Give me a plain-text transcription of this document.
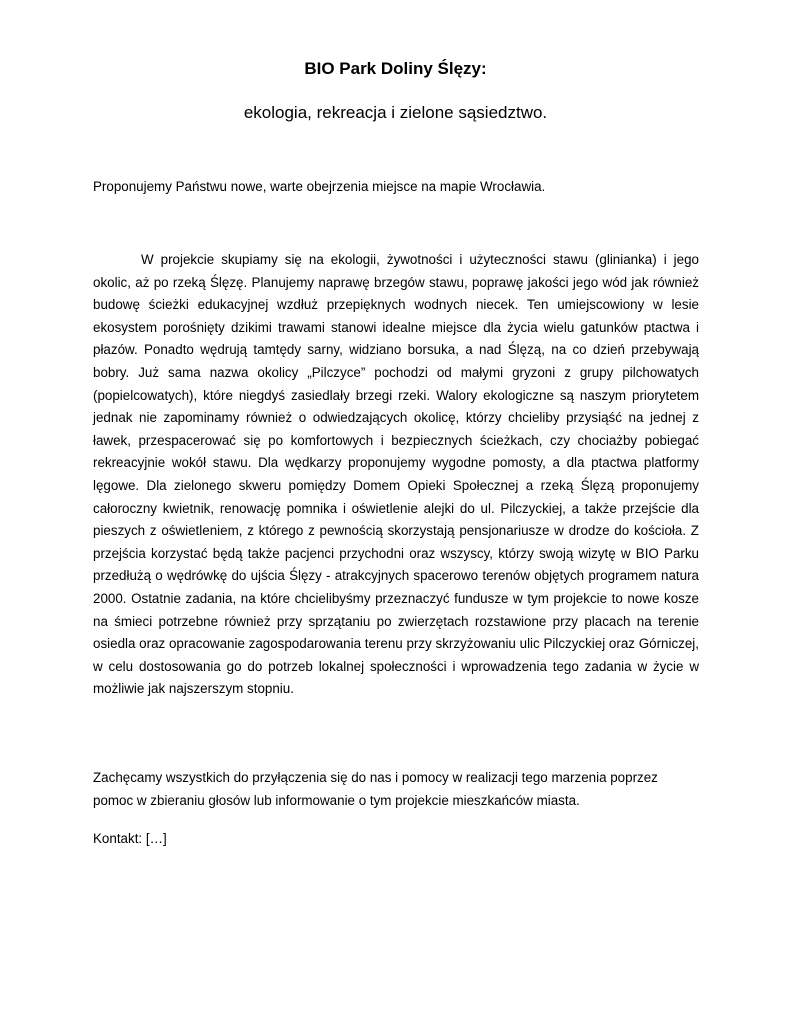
BIO Park Doliny Ślęzy:
ekologia, rekreacja i zielone sąsiedztwo.
Proponujemy Państwu nowe, warte obejrzenia miejsce na mapie Wrocławia.

W projekcie skupiamy się na ekologii, żywotności i użyteczności stawu (glinianka) i jego okolic, aż po rzeką Ślęzę. Planujemy naprawę brzegów stawu, poprawę jakości jego wód jak również budowę ścieżki edukacyjnej wzdłuż przepięknych wodnych niecek. Ten umiejscowiony w lesie ekosystem porośnięty dzikimi trawami stanowi idealne miejsce dla życia wielu gatunków ptactwa i płazów. Ponadto wędrują tamtędy sarny, widziano borsuka, a nad Ślęzą, na co dzień przebywają bobry. Już sama nazwa okolicy „Pilczyce” pochodzi od małymi gryzoni z grupy pilchowatych (popielcowatych), które niegdyś zasiedlały brzegi rzeki. Walory ekologiczne są naszym priorytetem jednak nie zapominamy również o odwiedzających okolicę, którzy chcieliby przysiąść na jednej z ławek, przespacerować się po komfortowych i bezpiecznych ścieżkach, czy chociażby pobiegać rekreacyjnie wokół stawu. Dla wędkarzy proponujemy wygodne pomosty, a dla ptactwa platformy lęgowe. Dla zielonego skweru pomiędzy Domem Opieki Społecznej a rzeką Ślęzą proponujemy całoroczny kwietnik, renowację pomnika i oświetlenie alejki do ul. Pilczyckiej, a także przejście dla pieszych z oświetleniem, z którego z pewnością skorzystają pensjonariusze w drodze do kościoła. Z przejścia korzystać będą także pacjenci przychodni oraz wszyscy, którzy swoją wizytę w BIO Parku przedłużą o wędrówkę do ujścia Ślęzy - atrakcyjnych spacerowo terenów objętych programem natura 2000. Ostatnie zadania, na które chcielibyśmy przeznaczyć fundusze w tym projekcie to nowe kosze na śmieci potrzebne również przy sprzątaniu po zwierzętach rozstawione przy placach na terenie osiedla oraz opracowanie zagospodarowania terenu przy skrzyżowaniu ulic Pilczyckiej oraz Górniczej, w celu dostosowania go do potrzeb lokalnej społeczności i wprowadzenia tego zadania w życie w możliwie jak najszerszym stopniu.

Zachęcamy wszystkich do przyłączenia się do nas i pomocy w realizacji tego marzenia poprzez pomoc w zbieraniu głosów lub informowanie o tym projekcie mieszkańców miasta.

Kontakt: […]
